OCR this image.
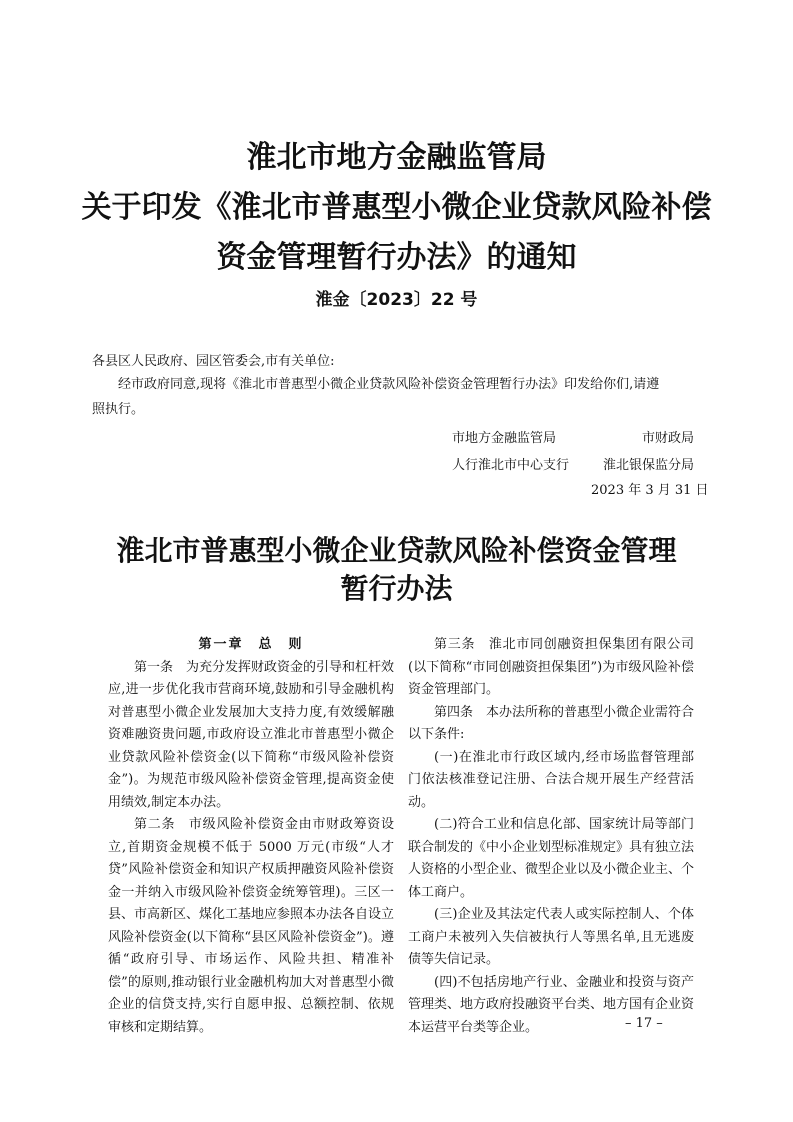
淮北市地方金融监管局
关于印发《淮北市普惠型小微企业贷款风险补偿
资金管理暂行办法》的通知

淮金〔2023〕22 号

各县区人民政府、园区管委会,市有关单位:

经市政府同意,现将《淮北市普惠型小微企业贷款风险补偿资金管理暂行办法》印发给你们,请遵

照执行。

市地方金融监管局	市财政局

人行淮北市中心支行	淮北银保监分局

2023 年 3 月 31 日

淮北市普惠型小微企业贷款风险补偿资金管理
暂行办法

第一章　总　则

第一条　为充分发挥财政资金的引导和杠杆效应,进一步优化我市营商环境,鼓励和引导金融机构对普惠型小微企业发展加大支持力度,有效缓解融资难融资贵问题,市政府设立淮北市普惠型小微企业贷款风险补偿资金(以下简称“市级风险补偿资金”)。为规范市级风险补偿资金管理,提高资金使用绩效,制定本办法。

第二条　市级风险补偿资金由市财政筹资设立,首期资金规模不低于 5000 万元(市级“人才贷”风险补偿资金和知识产权质押融资风险补偿资金一并纳入市级风险补偿资金统筹管理)。三区一县、市高新区、煤化工基地应参照本办法各自设立风险补偿资金(以下简称“县区风险补偿资金”)。遵循“政府引导、市场运作、风险共担、精准补偿”的原则,推动银行业金融机构加大对普惠型小微企业的信贷支持,实行自愿申报、总额控制、依规审核和定期结算。

第三条　淮北市同创融资担保集团有限公司(以下简称“市同创融资担保集团”)为市级风险补偿资金管理部门。

第四条　本办法所称的普惠型小微企业需符合以下条件:

(一)在淮北市行政区域内,经市场监督管理部门依法核准登记注册、合法合规开展生产经营活动。

(二)符合工业和信息化部、国家统计局等部门联合制发的《中小企业划型标准规定》具有独立法人资格的小型企业、微型企业以及小微企业主、个体工商户。

(三)企业及其法定代表人或实际控制人、个体工商户未被列入失信被执行人等黑名单,且无逃废债等失信记录。

(四)不包括房地产行业、金融业和投资与资产管理类、地方政府投融资平台类、地方国有企业资本运营平台类等企业。	– 17 –
